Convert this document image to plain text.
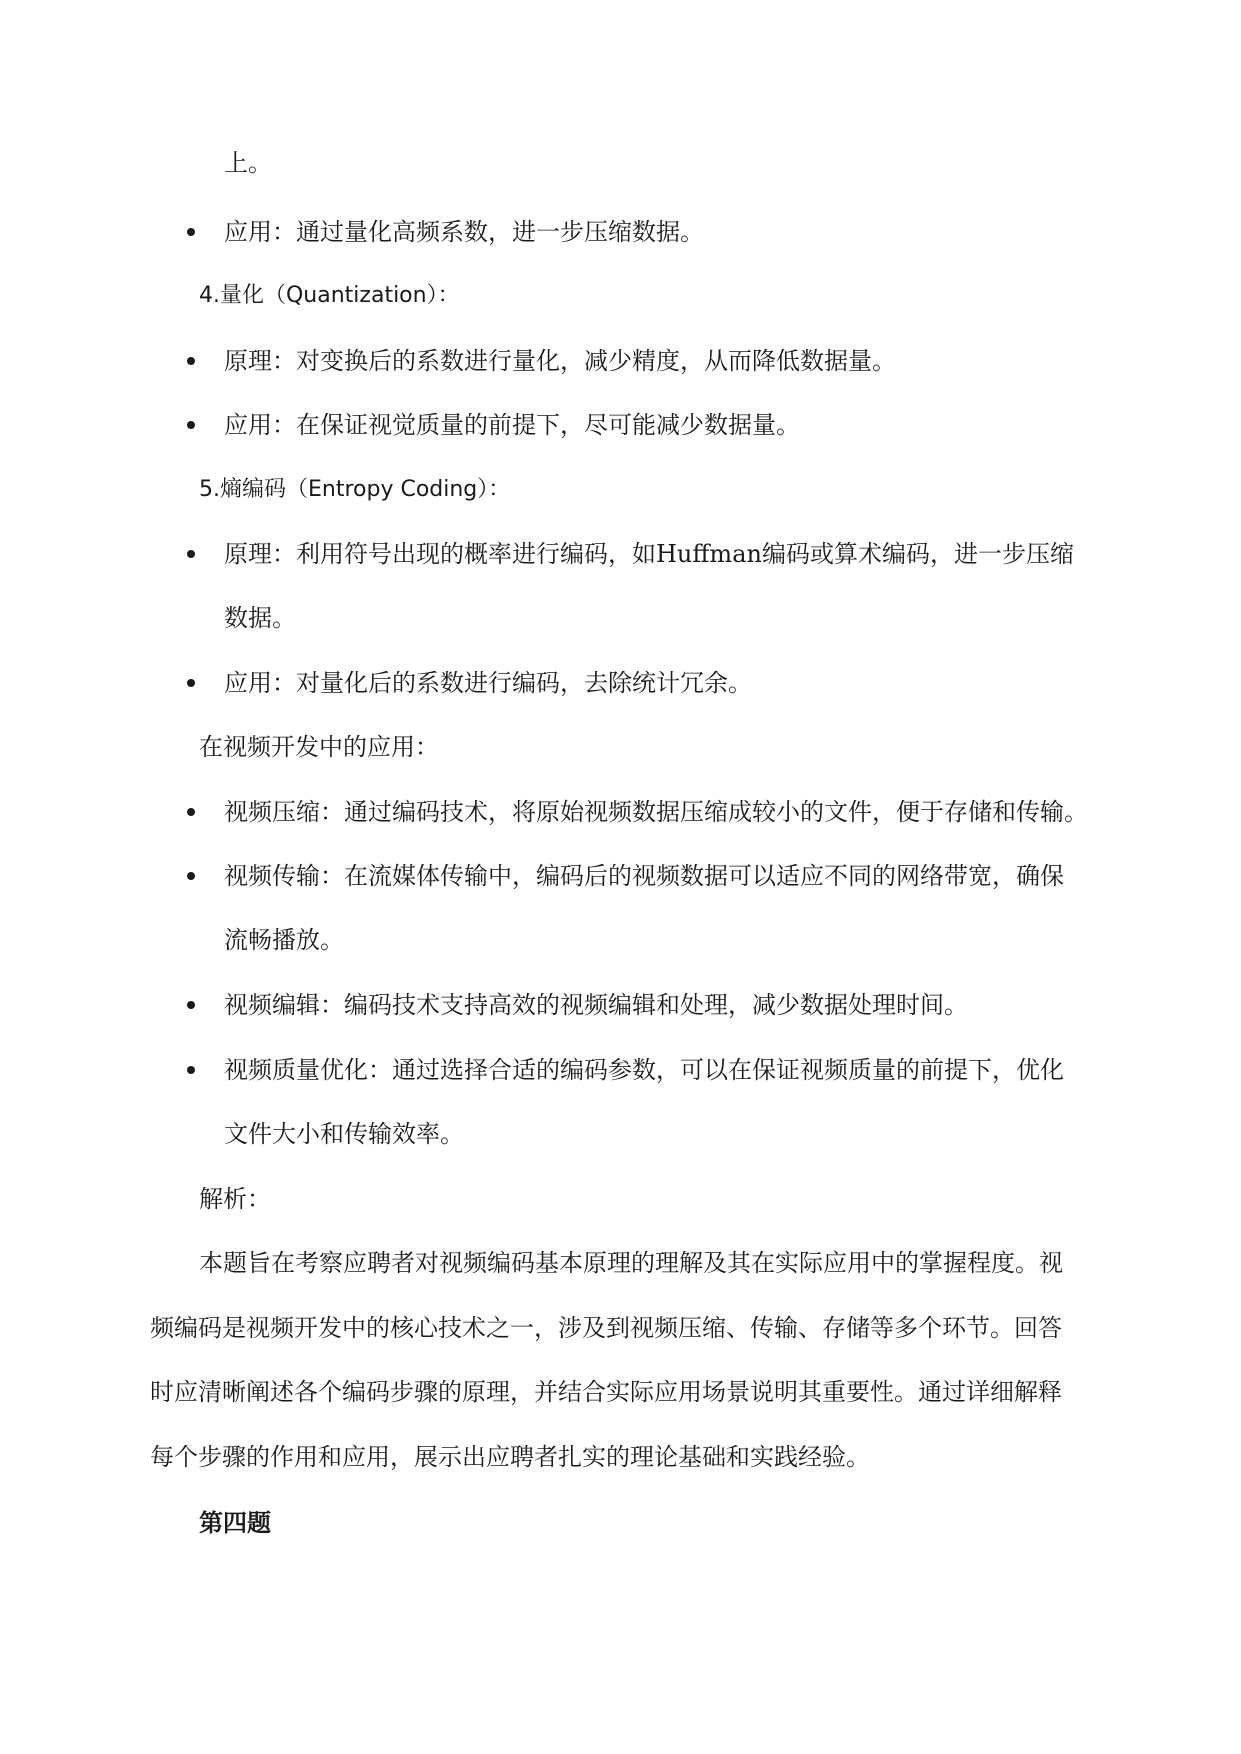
上。
应用：通过量化高频系数，进一步压缩数据。
4.量化（Quantization）：
原理：对变换后的系数进行量化，减少精度，从而降低数据量。
应用：在保证视觉质量的前提下，尽可能减少数据量。
5.熵编码（Entropy Coding）：
原理：利用符号出现的概率进行编码，如Huffman编码或算术编码，进一步压缩
数据。
应用：对量化后的系数进行编码，去除统计冗余。
在视频开发中的应用：
视频压缩：通过编码技术，将原始视频数据压缩成较小的文件，便于存储和传输。
视频传输：在流媒体传输中，编码后的视频数据可以适应不同的网络带宽，确保
流畅播放。
视频编辑：编码技术支持高效的视频编辑和处理，减少数据处理时间。
视频质量优化：通过选择合适的编码参数，可以在保证视频质量的前提下，优化
文件大小和传输效率。
解析：
本题旨在考察应聘者对视频编码基本原理的理解及其在实际应用中的掌握程度。视
频编码是视频开发中的核心技术之一，涉及到视频压缩、传输、存储等多个环节。回答
时应清晰阐述各个编码步骤的原理，并结合实际应用场景说明其重要性。通过详细解释
每个步骤的作用和应用，展示出应聘者扎实的理论基础和实践经验。
第四题
